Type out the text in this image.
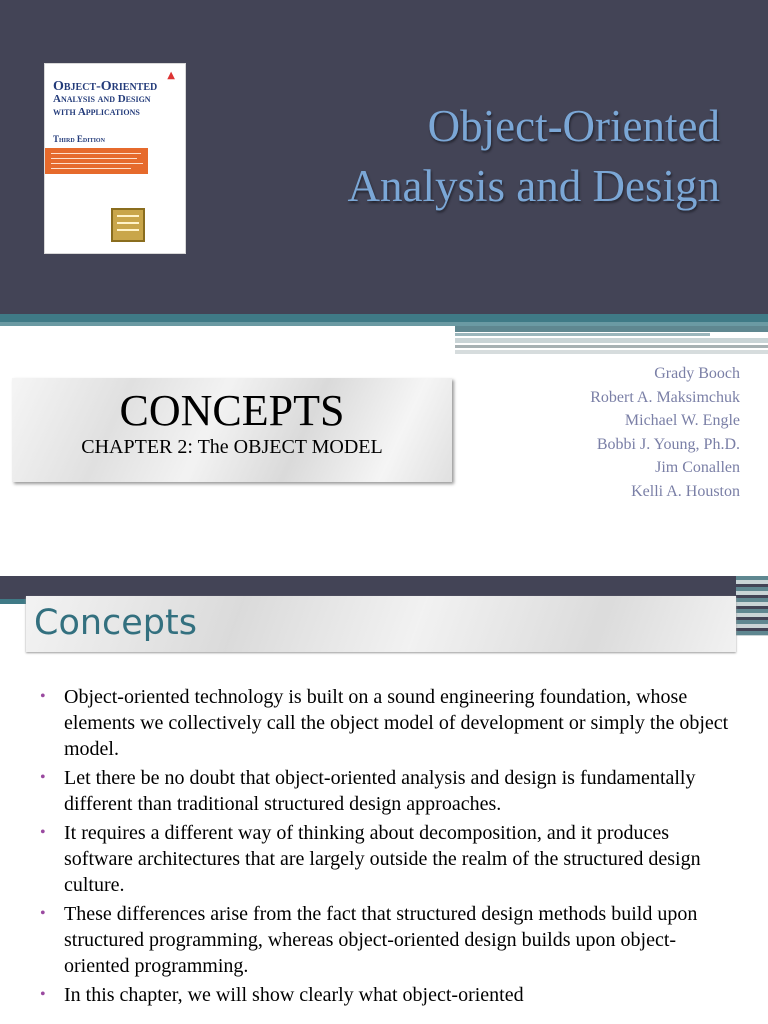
▲
Object-Oriented
Analysis and Design
with Applications
Third Edition	Object-Oriented
Analysis and Design
CONCEPTS
CHAPTER 2: The OBJECT MODEL
Grady Booch
Robert A. Maksimchuk
Michael W. Engle
Bobbi J. Young, Ph.D.
Jim Conallen
Kelli A. Houston
Concepts
• Object-oriented technology is built on a sound engineering foundation, whose elements we collectively call the object model of development or simply the object model.
• Let there be no doubt that object-oriented analysis and design is fundamentally different than traditional structured design approaches.
• It requires a different way of thinking about decomposition, and it produces software architectures that are largely outside the realm of the structured design culture.
• These differences arise from the fact that structured design methods build upon structured programming, whereas object-oriented design builds upon object-oriented programming.
• In this chapter, we will show clearly what object-oriented
